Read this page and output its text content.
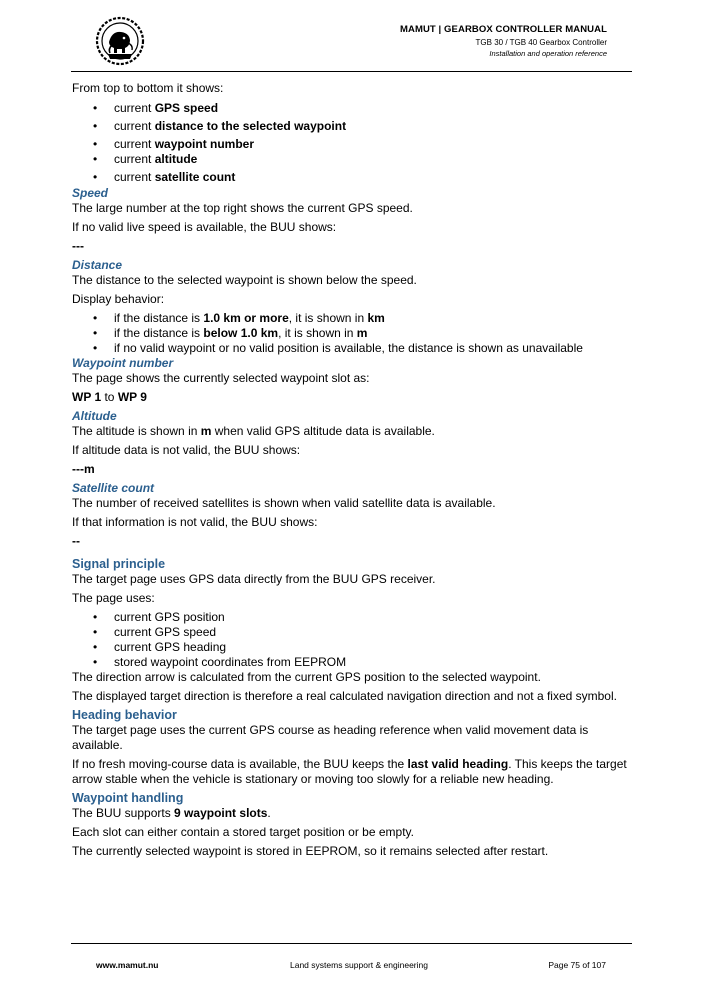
MAMUT | GEARBOX CONTROLLER MANUAL
TGB 30 / TGB 40 Gearbox Controller
Installation and operation reference

From top to bottom it shows:

• current GPS speed
• current distance to the selected waypoint
• current waypoint number
• current altitude
• current satellite count
Speed

The large number at the top right shows the current GPS speed.

If no valid live speed is available, the BUU shows:

---

Distance

The distance to the selected waypoint is shown below the speed.

Display behavior:

• if the distance is 1.0 km or more, it is shown in km
• if the distance is below 1.0 km, it is shown in m
• if no valid waypoint or no valid position is available, the distance is shown as unavailable
Waypoint number

The page shows the currently selected waypoint slot as:

WP 1 to WP 9

Altitude

The altitude is shown in m when valid GPS altitude data is available.

If altitude data is not valid, the BUU shows:

---m

Satellite count

The number of received satellites is shown when valid satellite data is available.

If that information is not valid, the BUU shows:

--

Signal principle

The target page uses GPS data directly from the BUU GPS receiver.

The page uses:

• current GPS position
• current GPS speed
• current GPS heading
• stored waypoint coordinates from EEPROM

The direction arrow is calculated from the current GPS position to the selected waypoint.

The displayed target direction is therefore a real calculated navigation direction and not a fixed symbol.

Heading behavior

The target page uses the current GPS course as heading reference when valid movement data is available.

If no fresh moving-course data is available, the BUU keeps the last valid heading. This keeps the target arrow stable when the vehicle is stationary or moving too slowly for a reliable new heading.

Waypoint handling

The BUU supports 9 waypoint slots.

Each slot can either contain a stored target position or be empty.

The currently selected waypoint is stored in EEPROM, so it remains selected after restart.

www.mamut.nu	Land systems support & engineering	Page 75 of 107
